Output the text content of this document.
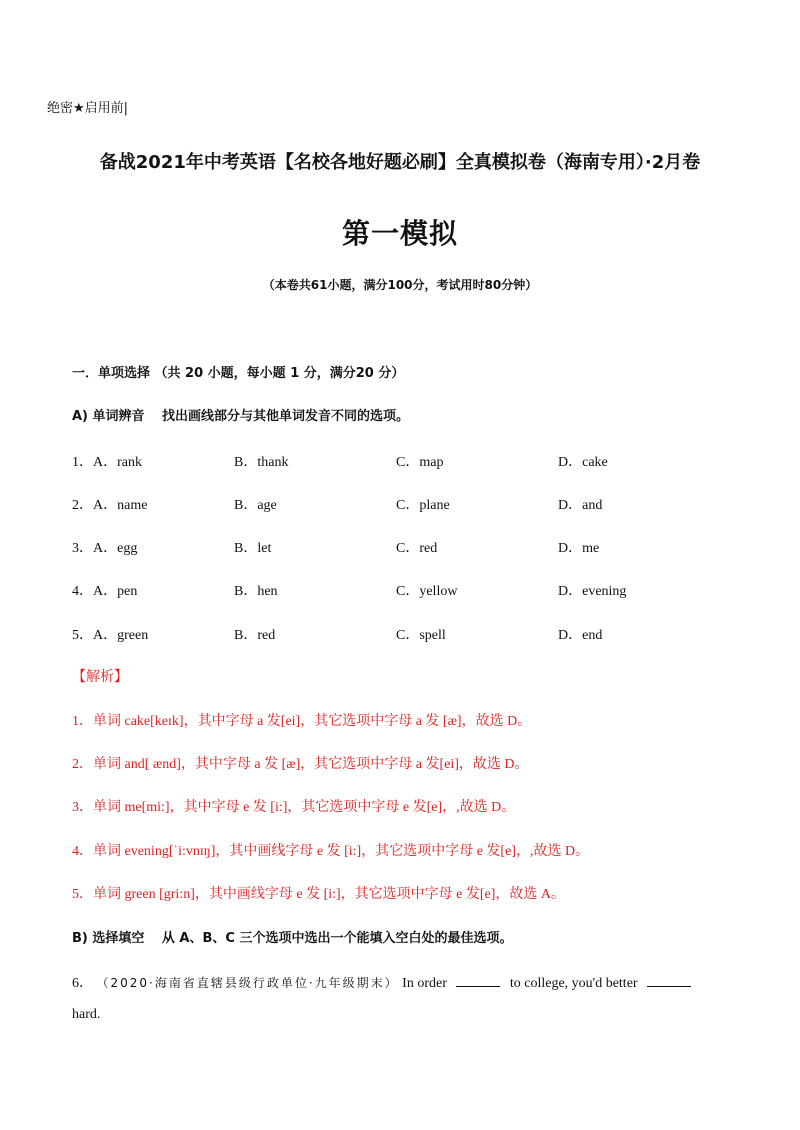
绝密★启用前|
备战2021年中考英语【名校各地好题必刷】全真模拟卷（海南专用）·2月卷
第一模拟
（本卷共61小题，满分100分，考试用时80分钟）
一．单项选择 （共 20 小题，每小题 1 分，满分20 分）
A) 单词辨音　 找出画线部分与其他单词发音不同的选项。
1．A．rank	B．thank	C．map	D．cake
2．A．name	B．age	C．plane	D．and
3．A．egg	B．let	C．red	D．me
4．A．pen	B．hen	C．yellow	D．evening
5．A．green	B．red	C．spell	D．end
【解析】
1．单词 cake[keɪk]，其中字母 a 发[ei]，其它选项中字母 a 发 [æ]，故选 D。
2．单词 and[ ænd]，其中字母 a 发 [æ]，其它选项中字母 a 发[ei]，故选 D。
3．单词 me[mi:]，其中字母 e 发 [i:]，其它选项中字母 e 发[e]，,故选 D。
4．单词 evening[ˈi:vnɪŋ]，其中画线字母 e 发 [i:]，其它选项中字母 e 发[e]，,故选 D。
5．单词 green [gri:n]，其中画线字母 e 发 [i:]，其它选项中字母 e 发[e]，故选 A。
B) 选择填空　 从 A、B、C 三个选项中选出一个能填入空白处的最佳选项。
6． （2020·海南省直辖县级行政单位·九年级期末） In order	to college, you'd better
hard.
